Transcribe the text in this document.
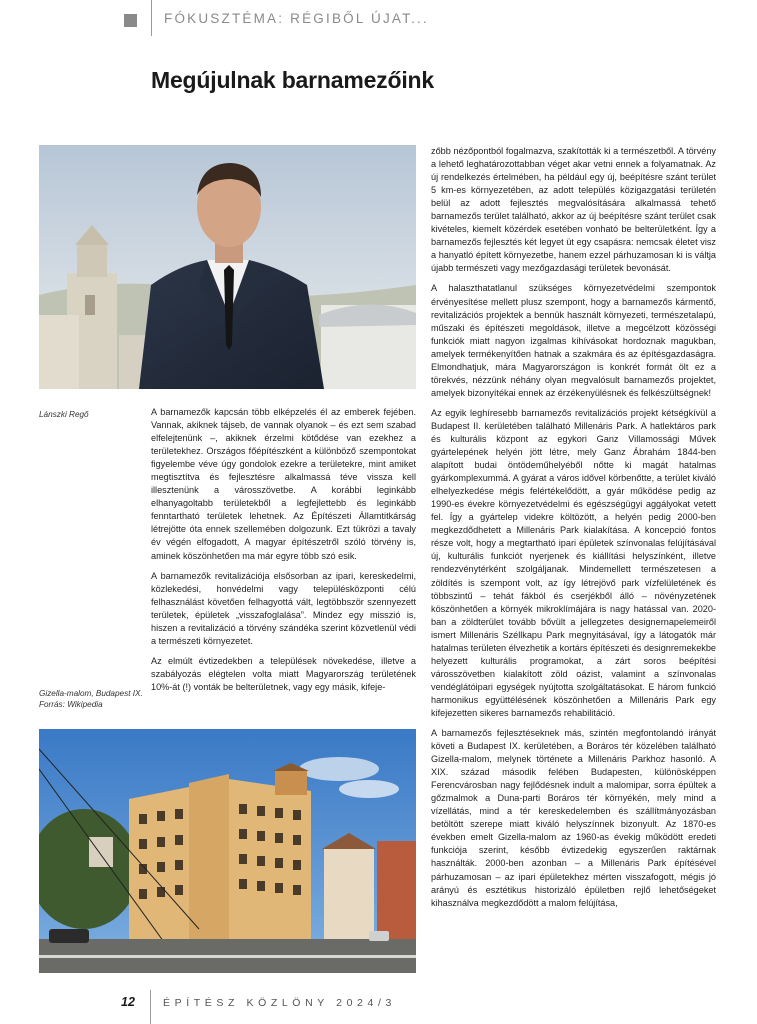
FÓKUSZTÉMA: RÉGIBŐL ÚJAT...
Megújulnak barnamezőink
Lánszki Regő
Gizella-malom, Budapest IX. Forrás: Wikipedia

A barnamezők kapcsán több elképzelés él az emberek fejében. Vannak, akiknek tájseb, de vannak olyanok – és ezt sem szabad elfelejtenünk –, akiknek érzelmi kötődése van ezekhez a területekhez. Országos főépítészként a különböző szempontokat figyelembe véve úgy gondolok ezekre a területekre, mint amiket megtisztítva és fejlesztésre alkalmassá téve vissza kell illesztenünk a városszövetbe. A korábbi leginkább elhanyagoltabb területekből a legfejlettebb és leginkább fenntartható területek lehetnek. Az Építészeti Államtitkárság létrejötte óta ennek szellemében dolgozunk. Ezt tükrözi a tavaly év végén elfogadott, A magyar építészetről szóló törvény is, aminek köszönhetően ma már egyre több szó esik.

A barnamezők revitalizációja elsősorban az ipari, kereskedelmi, közlekedési, honvédelmi vagy településközponti célú felhasználást követően felhagyottá vált, legtöbbször szennyezett területek, épületek „visszafoglalása”. Mindez egy misszió is, hiszen a revitalizáció a törvény szándéka szerint közvetlenül védi a természeti környezetet.

Az elmúlt évtizedekben a települések növekedése, illetve a szabályozás elégtelen volta miatt Magyarország területének 10%-át (!) vonták be belterületnek, vagy egy másik, kifeje-

zőbb nézőpontból fogalmazva, szakították ki a természetből. A törvény a lehető leghatározottabban véget akar vetni ennek a folyamatnak. Az új rendelkezés értelmében, ha például egy új, beépítésre szánt terület 5 km-es környezetében, az adott település közigazgatási területén belül az adott fejlesztés megvalósítására alkalmassá tehető barnamezős terület található, akkor az új beépítésre szánt terület csak kivételes, kiemelt közérdek esetében vonható be belterületként. Így a barnamezős fejlesztés két legyet üt egy csapásra: nemcsak életet visz a hanyatló épített környezetbe, hanem ezzel párhuzamosan ki is váltja újabb természeti vagy mezőgazdasági területek bevonását.

A halaszthatatlanul szükséges környezetvédelmi szempontok érvényesítése mellett plusz szempont, hogy a barnamezős kármentő, revitalizációs projektek a bennük használt környezeti, természetalapú, műszaki és építészeti megoldások, illetve a megcélzott közösségi funkciók miatt nagyon izgalmas kihívásokat hordoznak magukban, amelyek termékenyítően hatnak a szakmára és az építésgazdaságra. Elmondhatjuk, mára Magyarországon is konkrét formát ölt ez a törekvés, nézzünk néhány olyan megvalósult barnamezős projektet, amelyek bizonyítékai ennek az érzékenyülésnek és felkészültségnek!

Az egyik leghíresebb barnamezős revitalizációs projekt kétségkívül a Budapest II. kerületében található Millenáris Park. A hatlektáros park és kulturális központ az egykori Ganz Villamossági Művek gyártelepének helyén jött létre, mely Ganz Ábrahám 1844-ben alapított budai öntödeműhelyéből nőtte ki magát hatalmas gyárkomplexummá. A gyárat a város idővel körbenőtte, a terület kiváló elhelyezkedése mégis felértékelődött, a gyár működése pedig az 1990-es évekre környezetvédelmi és egészségügyi aggályokat vetett fel. Így a gyártelep videkre költözött, a helyén pedig 2000-ben megkezdődhetett a Millenáris Park kialakítása. A koncepció fontos része volt, hogy a megtartható ipari épületek színvonalas felújításával új, kulturális funkciót nyerjenek és kiállítási helyszínként, illetve rendezvénytérként szolgáljanak. Mindemellett természetesen a zöldítés is szempont volt, az így létrejövő park vízfelületének és többszintű – tehát fákból és cserjékből álló – növényzetének köszönhetően a környék mikroklímájára is nagy hatással van. 2020-ban a zöldterület tovább bővült a jellegzetes designernapelemeiről ismert Millenáris Széllkapu Park megnyitásával, így a látogatók már hatalmas területen élvezhetik a kortárs építészeti és designremekekbe helyezett kulturális programokat, a zárt soros beépítési városszövetben kialakított zöld oázist, valamint a színvonalas vendéglátóipari egységek nyújtotta szolgáltatásokat. E három funkció harmonikus együttélésének köszönhetően a Millenáris Park egy kifejezetten sikeres barnamezős rehabilitáció.

A barnamezős fejlesztéseknek más, szintén megfontolandó irányát követi a Budapest IX. kerületében, a Boráros tér közelében található Gizella-malom, melynek története a Millenáris Parkhoz hasonló. A XIX. század második felében Budapesten, különösképpen Ferencvárosban nagy fejlődésnek indult a malomipar, sorra épültek a gőzmalmok a Duna-parti Boráros tér környékén, mely mind a vízellátás, mind a tér kereskedelemben és szállítmányozásban betöltött szerepe miatt kiváló helyszínnek bizonyult. Az 1870-es években emelt Gizella-malom az 1960-as évekig működött eredeti funkciója szerint, később évtizedekig egyszerűen raktárnak használták. 2000-ben azonban – a Millenáris Park építésével párhuzamosan – az ipari épületekhez mérten visszafogott, mégis jó arányú és esztétikus historizáló épületben rejlő lehetőségeket kihasználva megkezdődött a malom felújítása,

12	ÉPÍTÉSZ KÖZLÖNY 2024/3
